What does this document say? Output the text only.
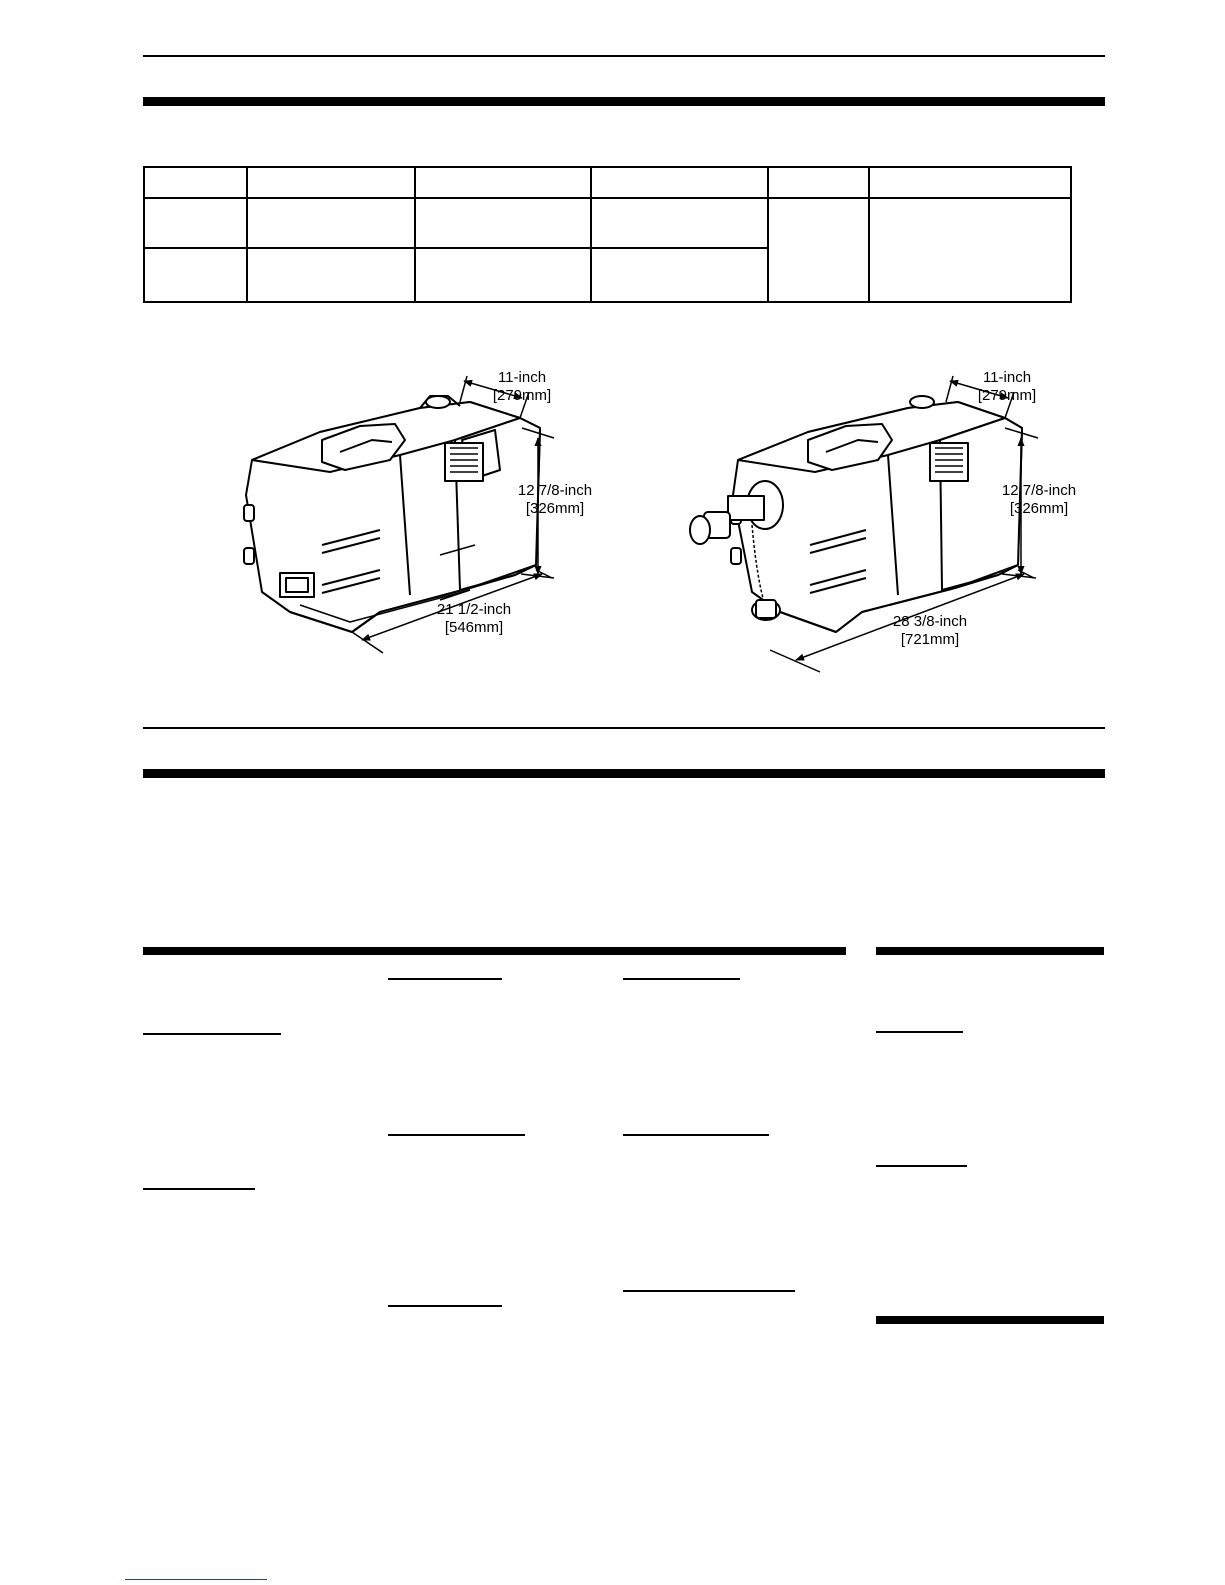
11-inch
[279mm]
12 7/8-inch
[326mm]
21 1/2-inch
[546mm]
11-inch
[279mm]
12 7/8-inch
[326mm]
28 3/8-inch
[721mm]
